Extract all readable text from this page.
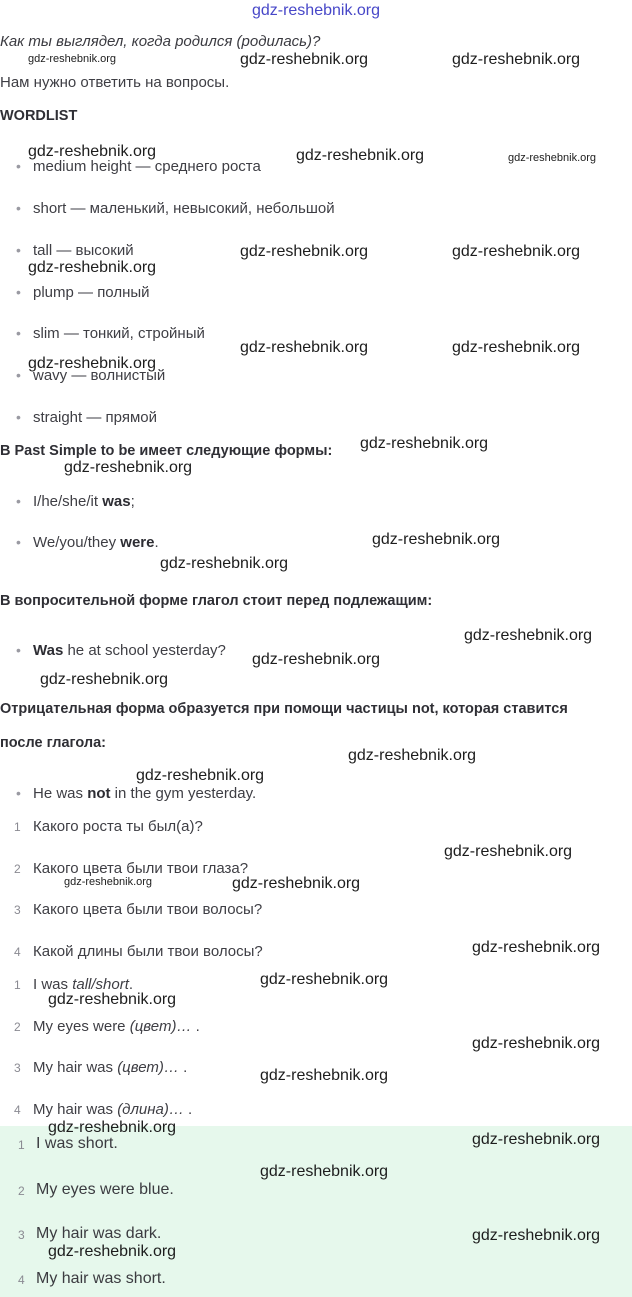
gdz-reshebnik.org
Как ты выглядел, когда родился (родилась)?
Нам нужно ответить на вопросы.
WORDLIST
• medium height — среднего роста
• short — маленький, невысокий, небольшой
• tall — высокий
• plump — полный
• slim — тонкий, стройный
• wavy — волнистый
• straight — прямой
В Past Simple to be имеет следующие формы:
• I/he/she/it was;
• We/you/they were.
В вопросительной форме глагол стоит перед подлежащим:
• Was he at school yesterday?
Отрицательная форма образуется при помощи частицы not, которая ставится
после глагола:
• He was not in the gym yesterday.
1 Какого роста ты был(а)?
2 Какого цвета были твои глаза?
3 Какого цвета были твои волосы?
4 Какой длины были твои волосы?
1 I was tall/short.
2 My eyes were (цвет)… .
3 My hair was (цвет)… .
4 My hair was (длина)… .
1 I was short.
2 My eyes were blue.
3 My hair was dark.
4 My hair was short.
gdz-reshebnik.org	gdz-reshebnik.org	gdz-reshebnik.org
gdz-reshebnik.org	gdz-reshebnik.org	gdz-reshebnik.org
gdz-reshebnik.org	gdz-reshebnik.org
gdz-reshebnik.org
gdz-reshebnik.org	gdz-reshebnik.org
gdz-reshebnik.org
gdz-reshebnik.org
gdz-reshebnik.org
gdz-reshebnik.org
gdz-reshebnik.org
gdz-reshebnik.org
gdz-reshebnik.org
gdz-reshebnik.org
gdz-reshebnik.org
gdz-reshebnik.org
gdz-reshebnik.org
gdz-reshebnik.org	gdz-reshebnik.org
gdz-reshebnik.org
gdz-reshebnik.org
gdz-reshebnik.org
gdz-reshebnik.org
gdz-reshebnik.org
gdz-reshebnik.org
gdz-reshebnik.org
gdz-reshebnik.org
gdz-reshebnik.org
gdz-reshebnik.org
